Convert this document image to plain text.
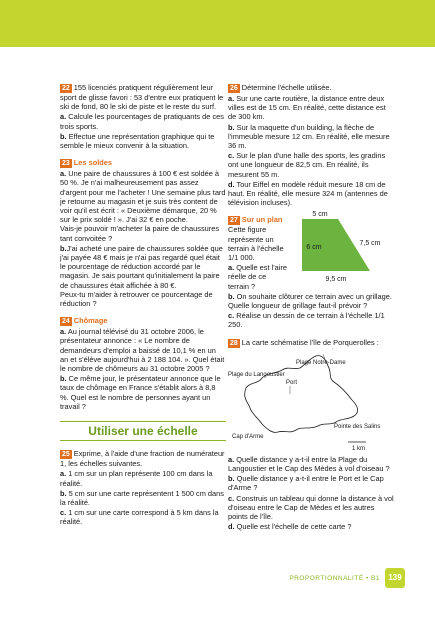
22 155 licenciés pratiquent régulièrement leur sport de glisse favori : 53 d'entre eux pratiquent le ski de fond, 80 le ski de piste et le reste du surf.

a. Calcule les pourcentages de pratiquants de ces trois sports.

b. Effectue une représentation graphique qui te semble le mieux convenir à la situation.

23 Les soldes

a. Une paire de chaussures à 100 € est soldée à 50 %. Je n'ai malheureusement pas assez d'argent pour me l'acheter ! Une semaine plus tard je retourne au magasin et je suis très content de voir qu'il est écrit : « Deuxième démarque, 20 % sur le prix soldé ! ». J'ai 32 € en poche.

Vais-je pouvoir m'acheter la paire de chaussures tant convoitée ?

b.J'ai acheté une paire de chaussures soldée que j'ai payée 48 € mais je n'ai pas regardé quel était le pourcentage de réduction accordé par le magasin. Je sais pourtant qu'initialement la paire de chaussures était affichée à 80 €.

Peux-tu m'aider à retrouver ce pourcentage de réduction ?

24 Chômage

a. Au journal télévisé du 31 octobre 2006, le présentateur annonce : « Le nombre de demandeurs d'emploi a baissé de 10,1 % en un an et s'élève aujourd'hui à 2 188 104. ». Quel était le nombre de chômeurs au 31 octobre 2005 ?

b. Ce même jour, le présentateur annonce que le taux de chômage en France s'établit alors à 8,8 %. Quel est le nombre de personnes ayant un travail ?

Utiliser une échelle

25 Exprime, à l'aide d'une fraction de numérateur 1, les échelles suivantes.

a. 1 cm sur un plan représente 100 cm dans la réalité.

b. 5 cm sur une carte représentent 1 500 cm dans la réalité.

c. 1 cm sur une carte correspond à 5 km dans la réalité.

26 Détermine l'échelle utilisée.

a. Sur une carte routière, la distance entre deux villes est de 15 cm. En réalité, cette distance est de 300 km.

b. Sur la maquette d'un building, la flèche de l'immeuble mesure 12 cm. En réalité, elle mesure 36 m.

c. Sur le plan d'une halle des sports, les gradins ont une longueur de 82,5 cm. En réalité, ils mesurent 55 m.

d. Tour Eiffel en modèle réduit mesure 18 cm de haut. En réalité, elle mesure 324 m (antennes de télévision incluses).

5 cm
6 cm
7,5 cm
9,5 cm

27 Sur un plan

Cette figure représente un terrain à l'échelle 1/1 000.

a. Quelle est l'aire réelle de ce terrain ?

b. On souhaite clôturer ce terrain avec un grillage. Quelle longueur de grillage faut-il prévoir ?

c. Réalise un dessin de ce terrain à l'échelle 1/1 250.

28 La carte schématise l'île de Porquerolles :

Plage Notre-Dame
Plage du Langoustier
Port
Pointe des Salins
Cap d'Arme
1 km

a. Quelle distance y a-t-il entre la Plage du Langoustier et le Cap des Mèdes à vol d'oiseau ?

b. Quelle distance y a-t-il entre le Port et le Cap d'Arme ?

c. Construis un tableau qui donne la distance à vol d'oiseau entre le Cap de Mèdes et les autres points de l'île.

d. Quelle est l'échelle de cette carte ?

PROPORTIONNALITÉ • B1	139
